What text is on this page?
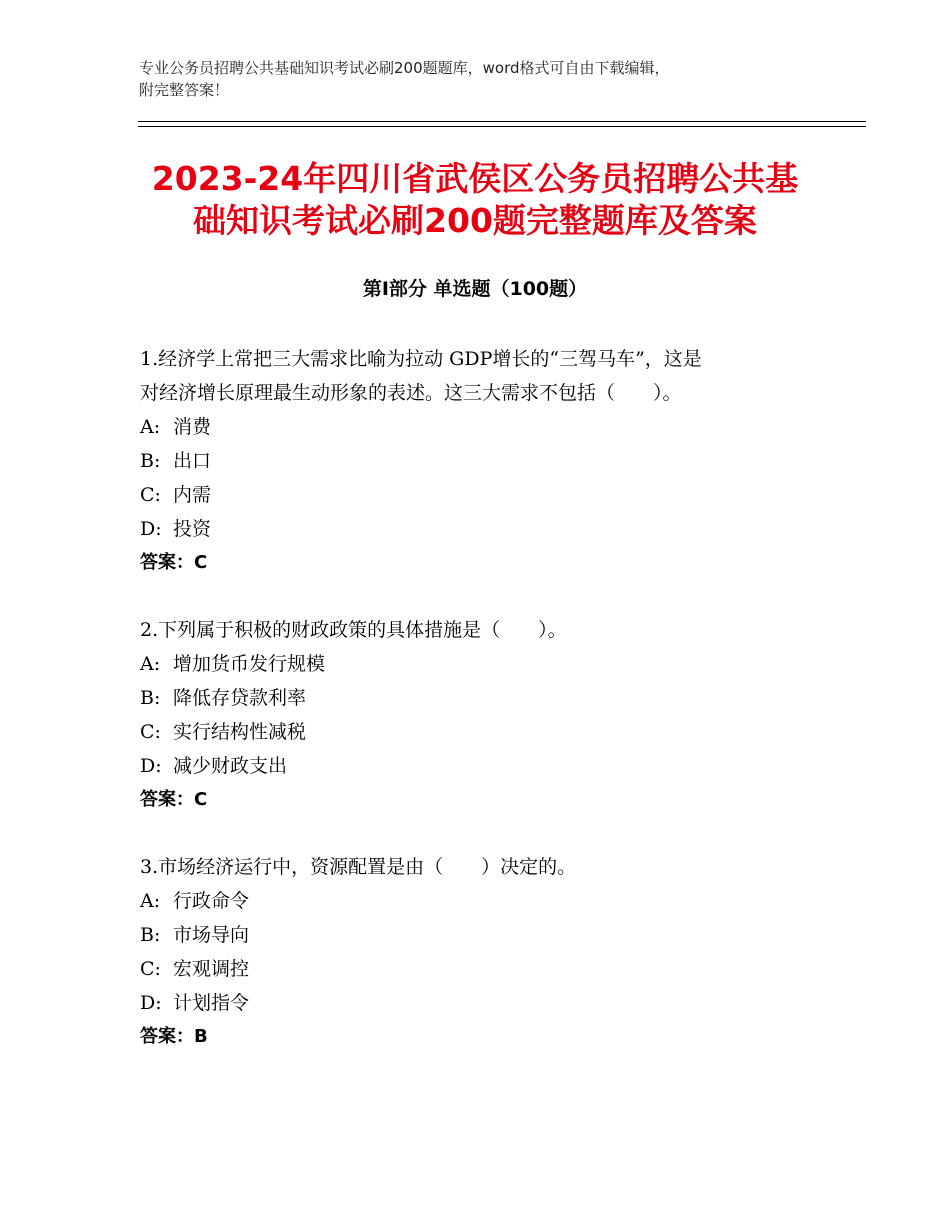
专业公务员招聘公共基础知识考试必刷200题题库，word格式可自由下载编辑，
附完整答案！
2023-24年四川省武侯区公务员招聘公共基
础知识考试必刷200题完整题库及答案
第Ⅰ部分 单选题（100题）
1.经济学上常把三大需求比喻为拉动 GDP增长的“三驾马车”，这是
对经济增长原理最生动形象的表述。这三大需求不包括（　　）。
A: 消费
B: 出口
C: 内需
D: 投资
答案：C
2.下列属于积极的财政政策的具体措施是（　　）。
A: 增加货币发行规模
B: 降低存贷款利率
C: 实行结构性减税
D: 减少财政支出
答案：C
3.市场经济运行中，资源配置是由（　　）决定的。
A: 行政命令
B: 市场导向
C: 宏观调控
D: 计划指令
答案：B
